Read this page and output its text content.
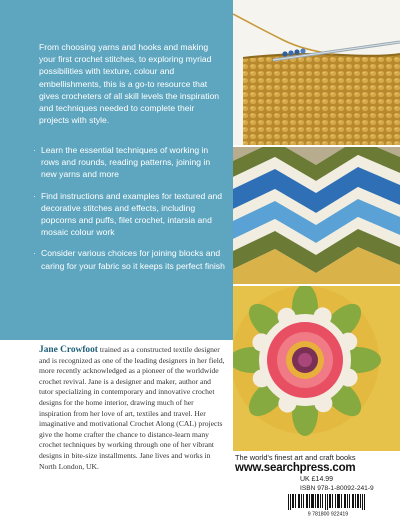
From choosing yarns and hooks and making your first crochet stitches, to exploring myriad possibilities with texture, colour and embellishments, this is a go-to resource that gives crocheters of all skill levels the inspiration and techniques needed to complete their projects with style.

· Learn the essential techniques of working in rows and rounds, reading patterns, joining in new yarns and more
· Find instructions and examples for textured and decorative stitches and effects, including popcorns and puffs, filet crochet, intarsia and mosaic colour work
· Consider various choices for joining blocks and caring for your fabric so it keeps its perfect finish

Jane Crowfoot trained as a constructed textile designer and is recognized as one of the leading designers in her field, more recently acknowledged as a pioneer of the worldwide crochet revival. Jane is a designer and maker, author and tutor specializing in contemporary and innovative crochet designs for the home interior, drawing much of her inspiration from her love of art, textiles and travel. Her imaginative and motivational Crochet Along (CAL) projects give the home crafter the chance to distance-learn many crochet techniques by working through one of her vibrant designs in bite-size installments. Jane lives and works in North London, UK.

The world's finest art and craft books
www.searchpress.com
UK £14.99
ISBN 978-1-80092-241-9
9 781800 922419
